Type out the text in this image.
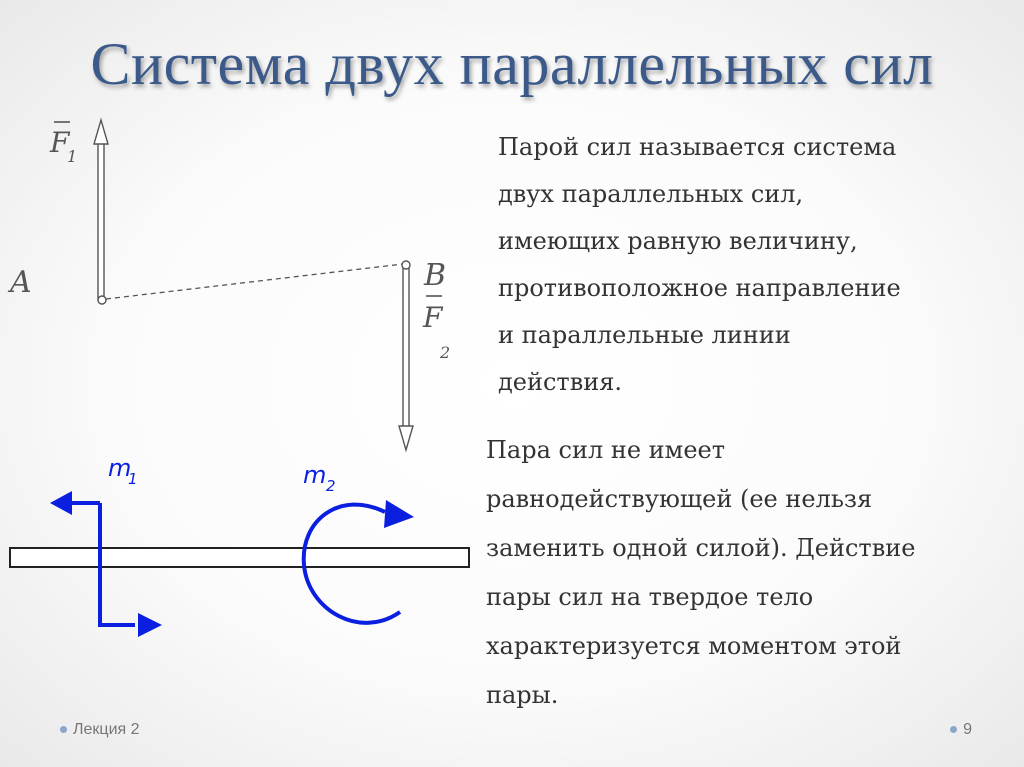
Система двух параллельных сил
A	B
F
1
F
2
m
1	m 2
Парой сил называется система
двух параллельных сил,
имеющих равную величину,
противоположное направление
и параллельные линии
действия.
Пара сил не имеет
равнодействующей (ее нельзя
заменить одной силой). Действие
пары сил на твердое тело
характеризуется моментом этой
пары.
Лекция 2	9
